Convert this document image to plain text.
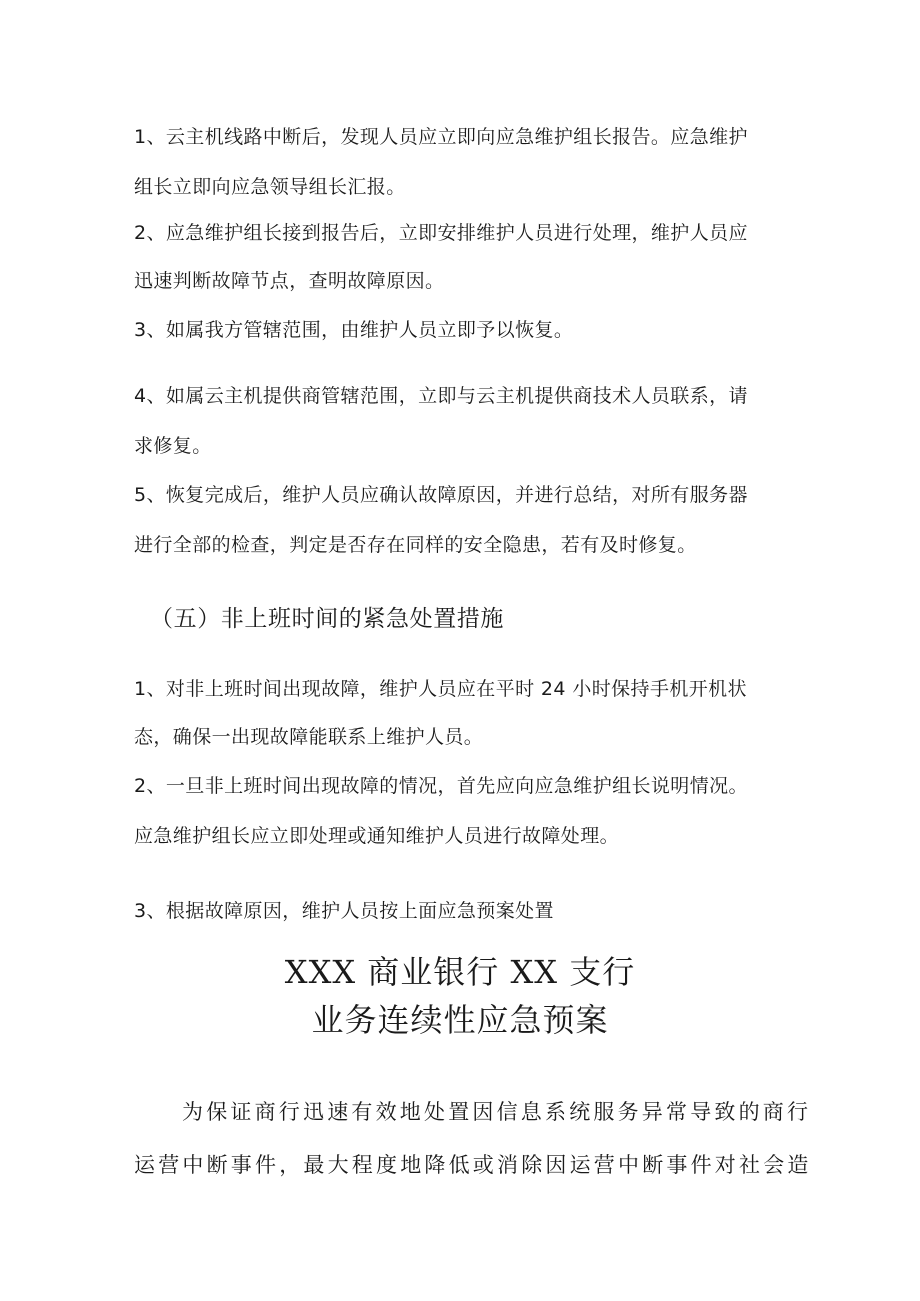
1、云主机线路中断后，发现人员应立即向应急维护组长报告。应急维护
组长立即向应急领导组长汇报。
2、应急维护组长接到报告后，立即安排维护人员进行处理，维护人员应
迅速判断故障节点，查明故障原因。
3、如属我方管辖范围，由维护人员立即予以恢复。
4、如属云主机提供商管辖范围，立即与云主机提供商技术人员联系，请
求修复。
5、恢复完成后，维护人员应确认故障原因，并进行总结，对所有服务器
进行全部的检查，判定是否存在同样的安全隐患，若有及时修复。
（五）非上班时间的紧急处置措施
1、对非上班时间出现故障，维护人员应在平时 24 小时保持手机开机状
态，确保一出现故障能联系上维护人员。
2、一旦非上班时间出现故障的情况，首先应向应急维护组长说明情况。
应急维护组长应立即处理或通知维护人员进行故障处理。
3、根据故障原因，维护人员按上面应急预案处置
XXX 商业银行 XX 支行
业务连续性应急预案
为保证商行迅速有效地处置因信息系统服务异常导致的商行
运营中断事件，最大程度地降低或消除因运营中断事件对社会造
